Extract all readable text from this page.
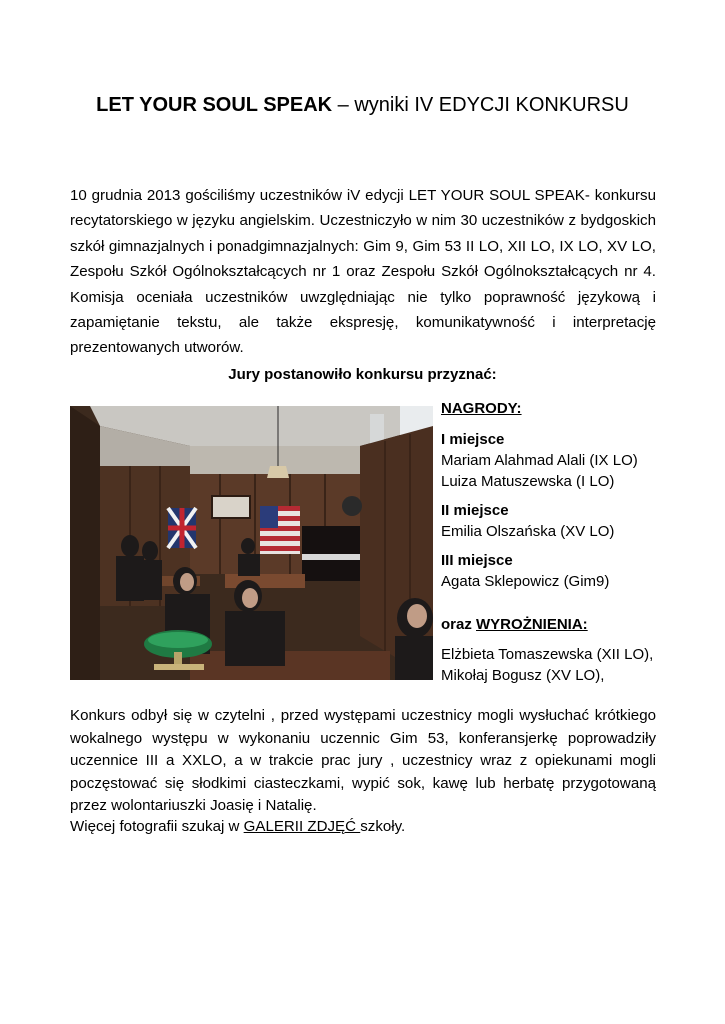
LET YOUR SOUL SPEAK – wyniki IV EDYCJI KONKURSU

10 grudnia 2013 gościliśmy uczestników iV edycji LET YOUR SOUL SPEAK- konkursu recytatorskiego w języku angielskim. Uczestniczyło w nim 30 uczestników z bydgoskich szkół gimnazjalnych i ponadgimnazjalnych: Gim 9, Gim 53 II LO, XII LO, IX LO, XV LO, Zespołu Szkół Ogólnokształcących nr 1 oraz Zespołu Szkół Ogólnokształcących nr 4. Komisja oceniała uczestników uwzględniając nie tylko poprawność językową i zapamiętanie tekstu, ale także ekspresję, komunikatywność i interpretację prezentowanych utworów.

Jury postanowiło konkursu przyznać:

NAGRODY:
I miejsce
Mariam Alahmad Alali (IX LO)
Luiza Matuszewska (I LO)
II miejsce
Emilia Olszańska (XV LO)
III miejsce
Agata Sklepowicz (Gim9)
oraz WYROŻNIENIA:
Elżbieta Tomaszewska (XII LO),
Mikołaj Bogusz (XV LO),

Konkurs odbył się w czytelni , przed występami uczestnicy mogli wysłuchać krótkiego wokalnego występu w wykonaniu uczennic Gim 53, konferansjerkę poprowadziły uczennice III a XXLO, a w trakcie prac jury , uczestnicy wraz z opiekunami mogli poczęstować się słodkimi ciasteczkami, wypić sok, kawę lub herbatę przygotowaną przez wolontariuszki Joasię i Natalię.

Więcej fotografii szukaj w GALERII ZDJĘĆ szkoły.
